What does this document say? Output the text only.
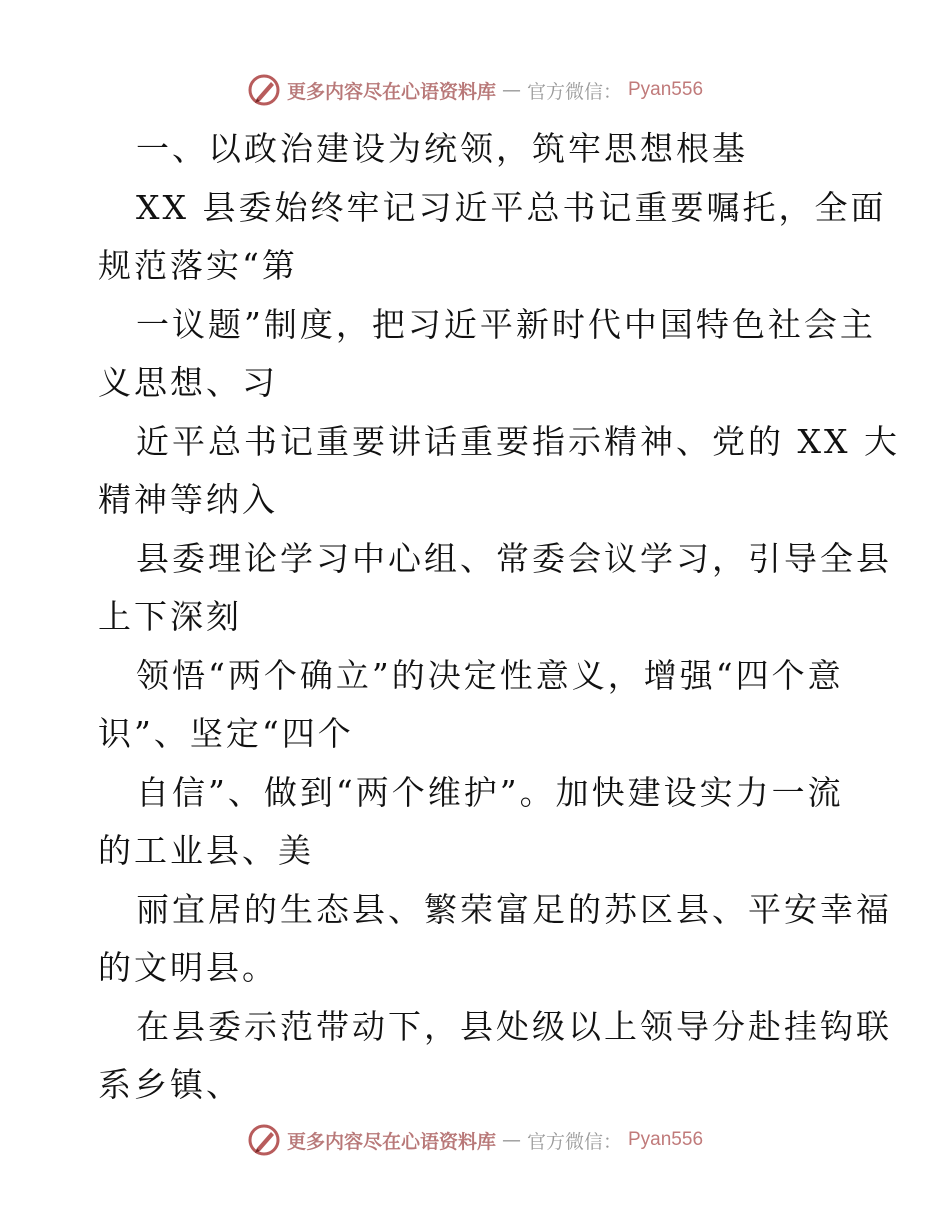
更多内容尽在心语资料库 — 官方微信： Pyan556
一、以政治建设为统领，筑牢思想根基
XX 县委始终牢记习近平总书记重要嘱托，全面
规范落实“第
一议题”制度，把习近平新时代中国特色社会主
义思想、习
近平总书记重要讲话重要指示精神、党的 XX 大
精神等纳入
县委理论学习中心组、常委会议学习，引导全县
上下深刻
领悟“两个确立”的决定性意义，增强“四个意
识”、坚定“四个
自信”、做到“两个维护”。加快建设实力一流
的工业县、美
丽宜居的生态县、繁荣富足的苏区县、平安幸福
的文明县。
在县委示范带动下，县处级以上领导分赴挂钩联
系乡镇、
更多内容尽在心语资料库 — 官方微信： Pyan556
